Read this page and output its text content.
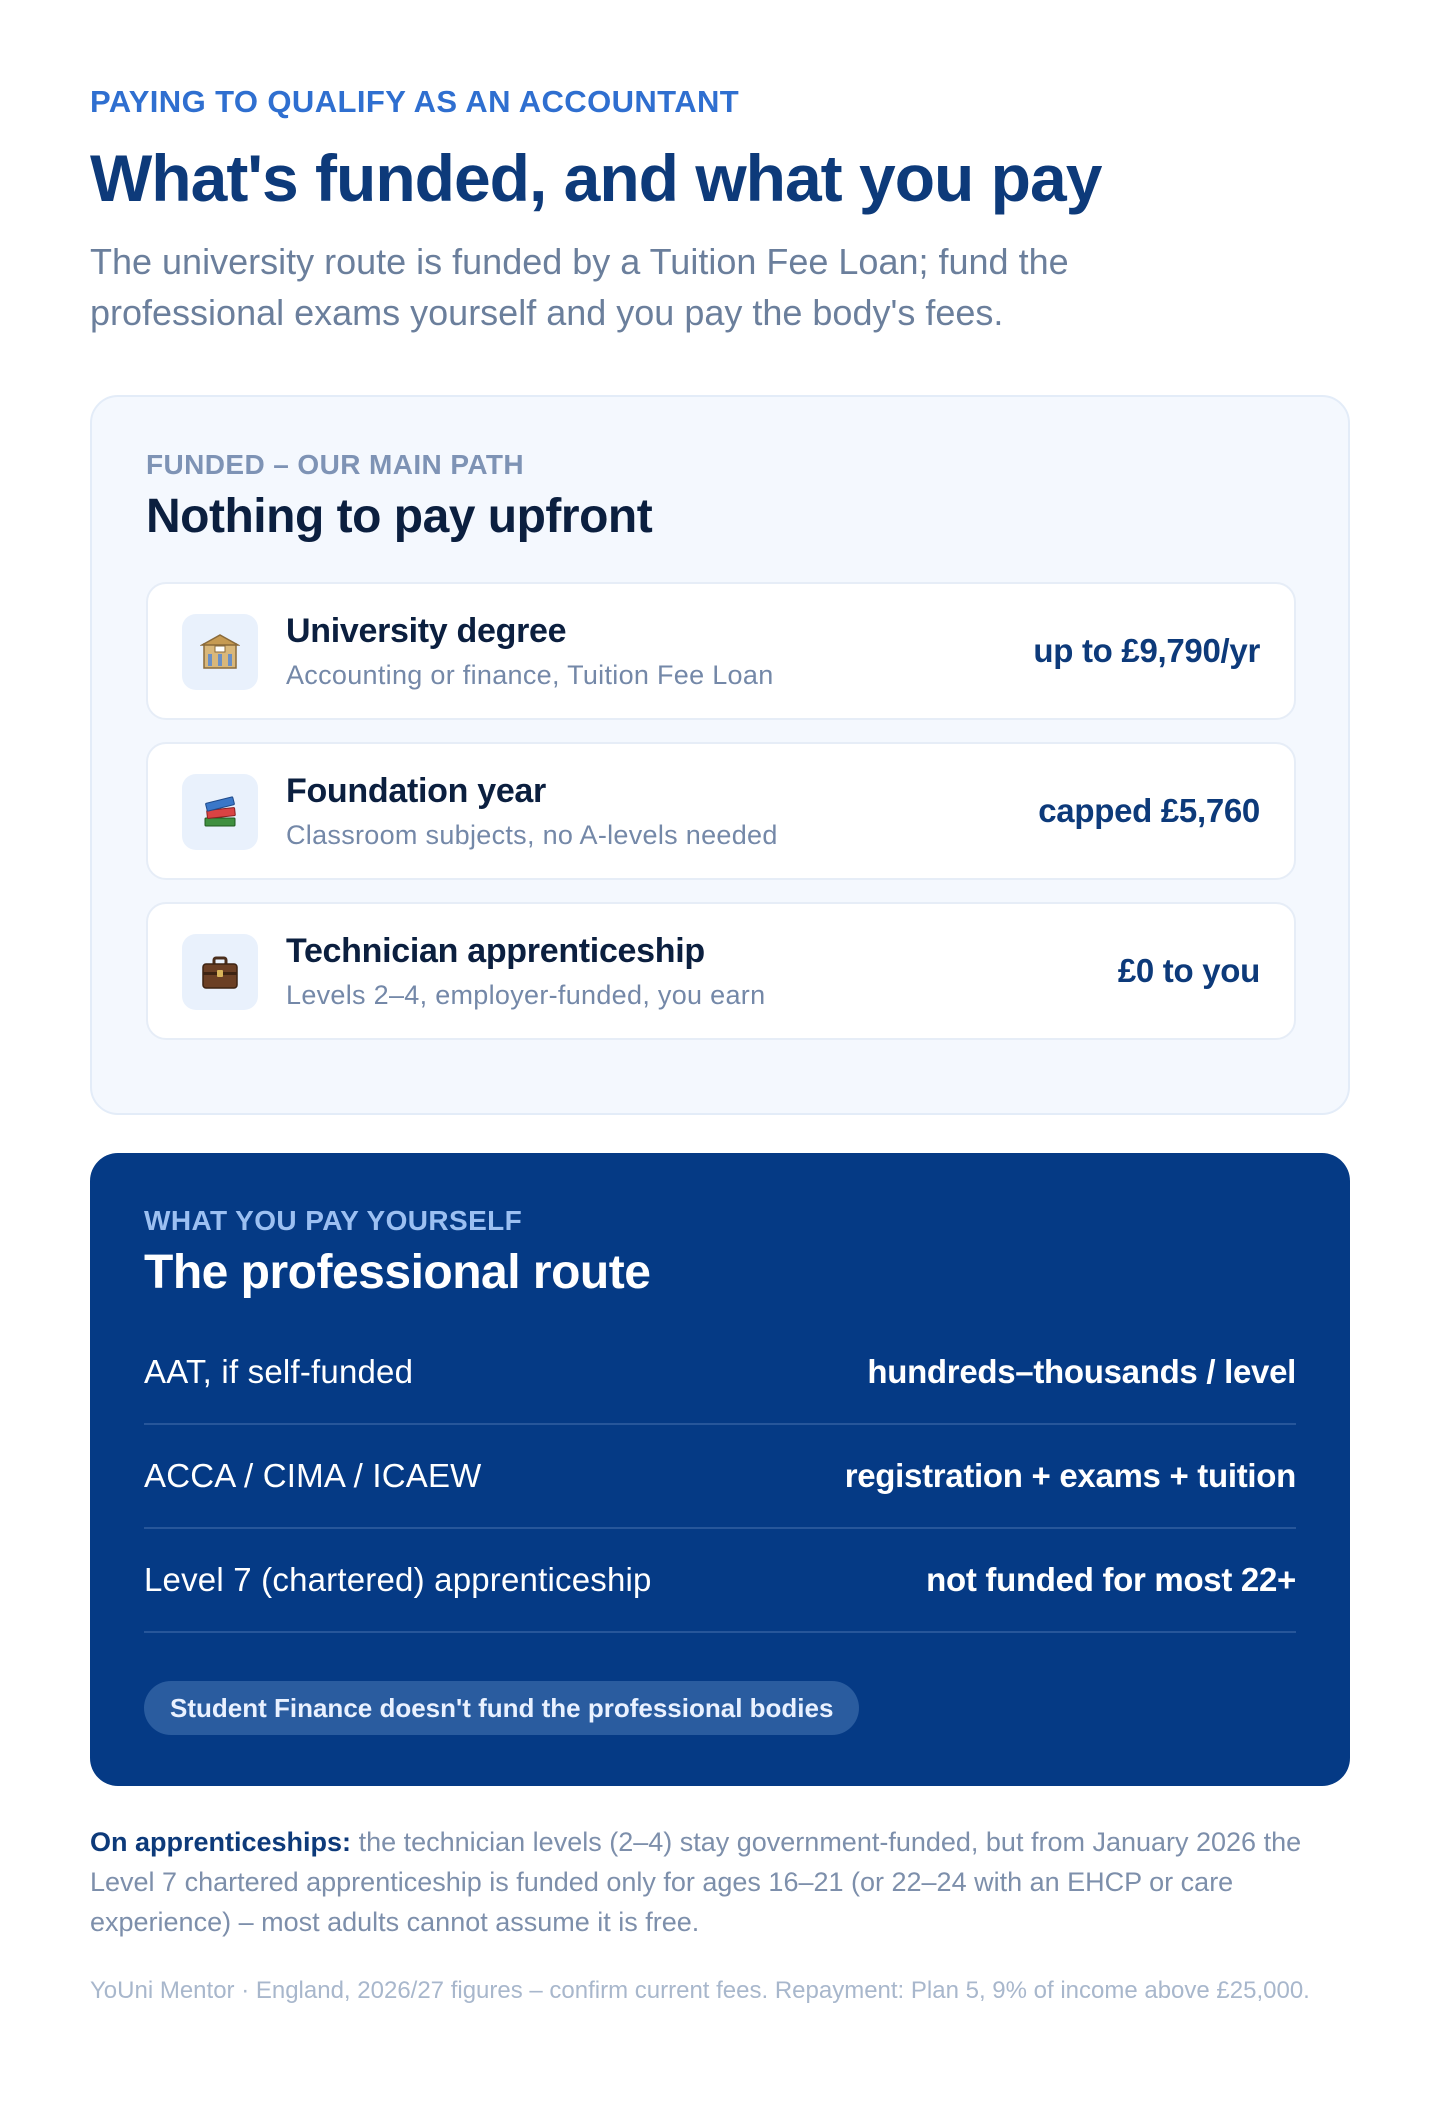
PAYING TO QUALIFY AS AN ACCOUNTANT
What's funded, and what you pay

The university route is funded by a Tuition Fee Loan; fund the professional exams yourself and you pay the body's fees.

FUNDED – OUR MAIN PATH
Nothing to pay upfront
University degree
Accounting or finance, Tuition Fee Loan
up to £9,790/yr
Foundation year
Classroom subjects, no A-levels needed
capped £5,760
Technician apprenticeship
Levels 2–4, employer-funded, you earn
£0 to you
WHAT YOU PAY YOURSELF
The professional route
AAT, if self-funded	hundreds–thousands / level
ACCA / CIMA / ICAEW	registration + exams + tuition
Level 7 (chartered) apprenticeship	not funded for most 22+
Student Finance doesn't fund the professional bodies

On apprenticeships: the technician levels (2–4) stay government-funded, but from January 2026 the Level 7 chartered apprenticeship is funded only for ages 16–21 (or 22–24 with an EHCP or care experience) – most adults cannot assume it is free.

YoUni Mentor · England, 2026/27 figures – confirm current fees. Repayment: Plan 5, 9% of income above £25,000.
